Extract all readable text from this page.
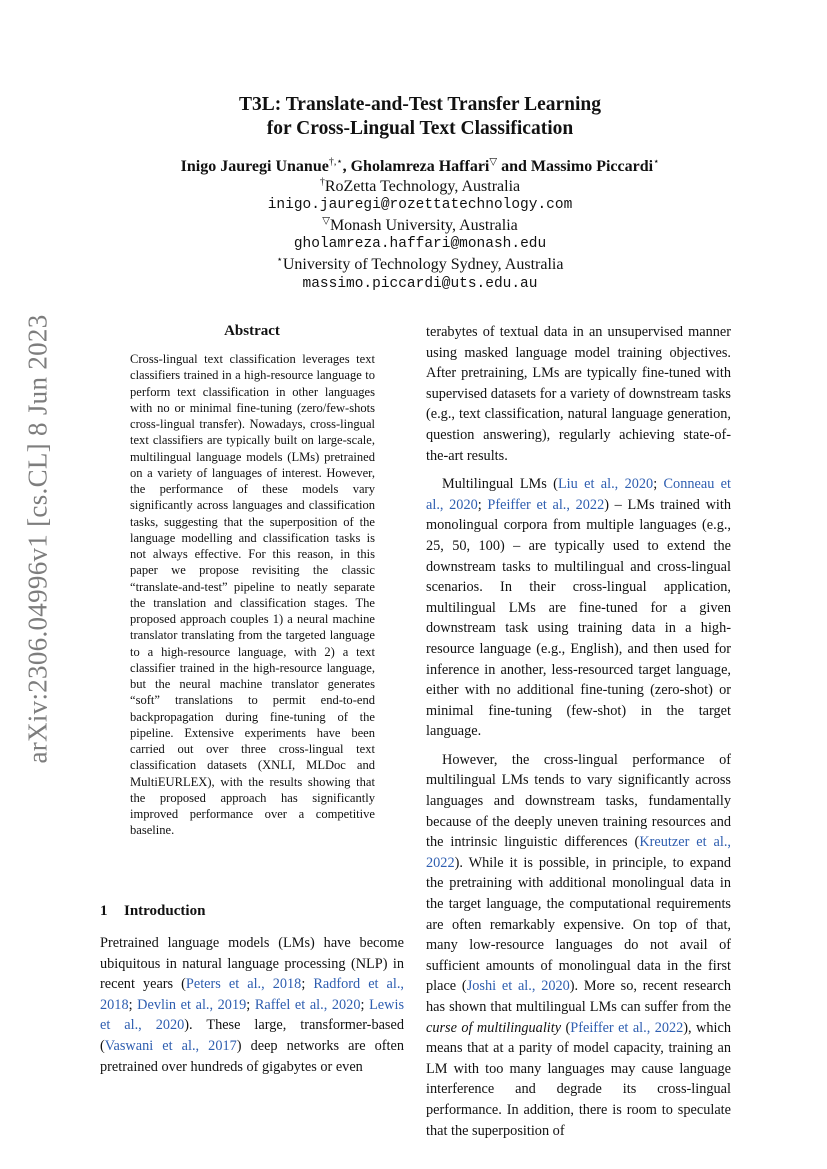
arXiv:2306.04996v1 [cs.CL] 8 Jun 2023
T3L: Translate-and-Test Transfer Learning
for Cross-Lingual Text Classification
Inigo Jauregi Unanue†,⋆, Gholamreza Haffari▽ and Massimo Piccardi⋆
†RoZetta Technology, Australia
inigo.jauregi@rozettatechnology.com
▽Monash University, Australia
gholamreza.haffari@monash.edu
⋆University of Technology Sydney, Australia
massimo.piccardi@uts.edu.au
Abstract

Cross-lingual text classification leverages text classifiers trained in a high-resource language to perform text classification in other languages with no or minimal fine-tuning (zero/few-shots cross-lingual transfer). Nowadays, cross-lingual text classifiers are typically built on large-scale, multilingual language models (LMs) pretrained on a variety of languages of interest. However, the performance of these models vary significantly across languages and classification tasks, suggesting that the superposition of the language modelling and classification tasks is not always effective. For this reason, in this paper we propose revisiting the classic “translate-and-test” pipeline to neatly separate the translation and classification stages. The proposed approach couples 1) a neural machine translator translating from the targeted language to a high-resource language, with 2) a text classifier trained in the high-resource language, but the neural machine translator generates “soft” translations to permit end-to-end backpropagation during fine-tuning of the pipeline. Extensive experiments have been carried out over three cross-lingual text classification datasets (XNLI, MLDoc and MultiEURLEX), with the results showing that the proposed approach has significantly improved performance over a competitive baseline.

1 Introduction

Pretrained language models (LMs) have become ubiquitous in natural language processing (NLP) in recent years (Peters et al., 2018; Radford et al., 2018; Devlin et al., 2019; Raffel et al., 2020; Lewis et al., 2020). These large, transformer-based (Vaswani et al., 2017) deep networks are often pretrained over hundreds of gigabytes or even

terabytes of textual data in an unsupervised manner using masked language model training objectives. After pretraining, LMs are typically fine-tuned with supervised datasets for a variety of downstream tasks (e.g., text classification, natural language generation, question answering), regularly achieving state-of-the-art results.

Multilingual LMs (Liu et al., 2020; Conneau et al., 2020; Pfeiffer et al., 2022) – LMs trained with monolingual corpora from multiple languages (e.g., 25, 50, 100) – are typically used to extend the downstream tasks to multilingual and cross-lingual scenarios. In their cross-lingual application, multilingual LMs are fine-tuned for a given downstream task using training data in a high-resource language (e.g., English), and then used for inference in another, less-resourced target language, either with no additional fine-tuning (zero-shot) or minimal fine-tuning (few-shot) in the target language.

However, the cross-lingual performance of multilingual LMs tends to vary significantly across languages and downstream tasks, fundamentally because of the deeply uneven training resources and the intrinsic linguistic differences (Kreutzer et al., 2022). While it is possible, in principle, to expand the pretraining with additional monolingual data in the target language, the computational requirements are often remarkably expensive. On top of that, many low-resource languages do not avail of sufficient amounts of monolingual data in the first place (Joshi et al., 2020). More so, recent research has shown that multilingual LMs can suffer from the curse of multilinguality (Pfeiffer et al., 2022), which means that at a parity of model capacity, training an LM with too many languages may cause language interference and degrade its cross-lingual performance. In addition, there is room to speculate that the superposition of
